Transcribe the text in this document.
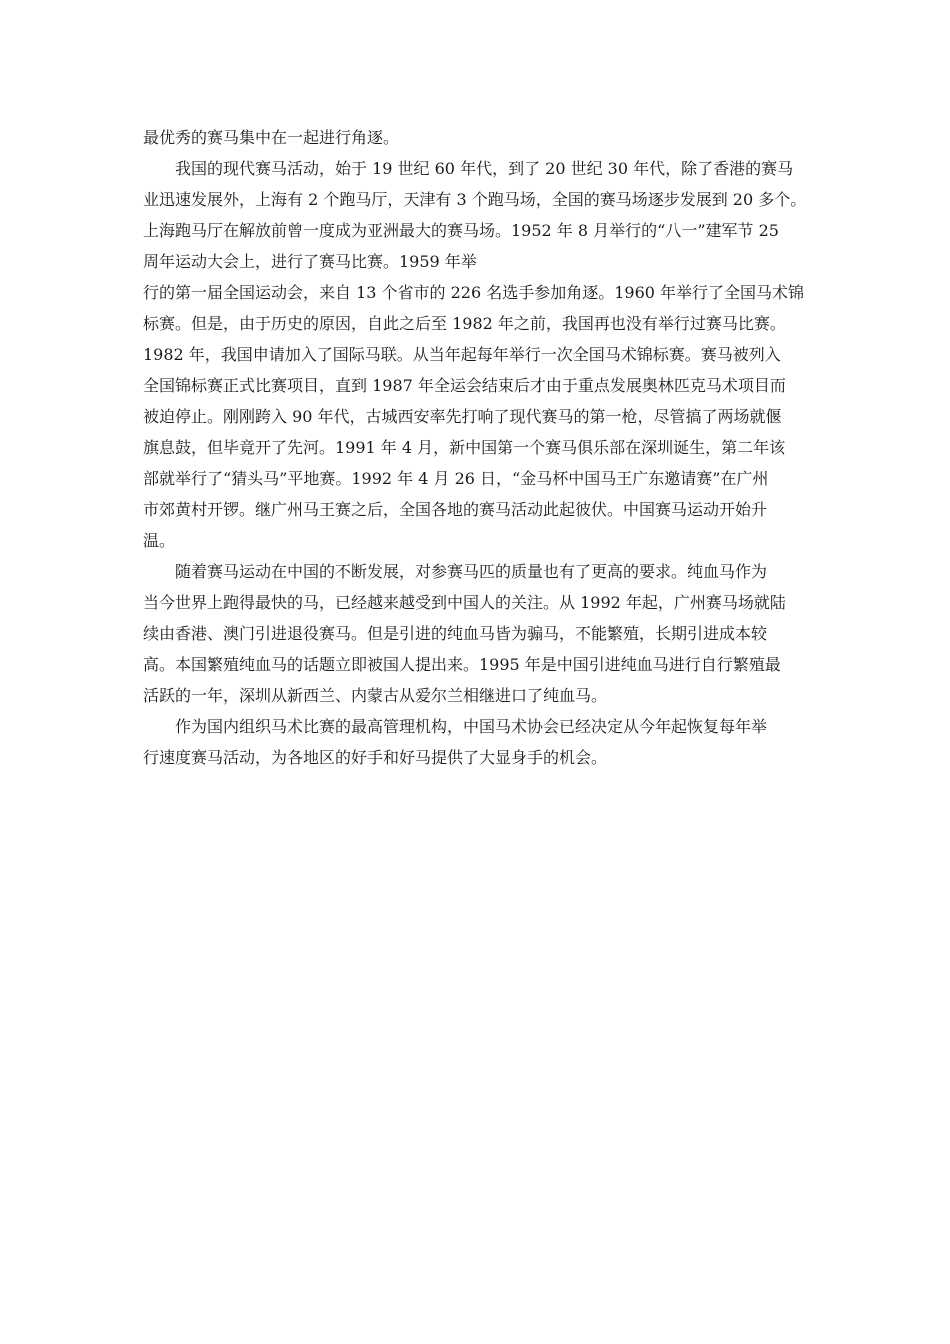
最优秀的赛马集中在一起进行角逐。
我国的现代赛马活动，始于 19 世纪 60 年代，到了 20 世纪 30 年代，除了香港的赛马
业迅速发展外，上海有 2 个跑马厅，天津有 3 个跑马场，全国的赛马场逐步发展到 20 多个。
上海跑马厅在解放前曾一度成为亚洲最大的赛马场。1952 年 8 月举行的“八一”建军节 25
周年运动大会上，进行了赛马比赛。1959 年举
行的第一届全国运动会，来自 13 个省市的 226 名选手参加角逐。1960 年举行了全国马术锦
标赛。但是，由于历史的原因，自此之后至 1982 年之前，我国再也没有举行过赛马比赛。
1982 年，我国申请加入了国际马联。从当年起每年举行一次全国马术锦标赛。赛马被列入
全国锦标赛正式比赛项目，直到 1987 年全运会结束后才由于重点发展奥林匹克马术项目而
被迫停止。刚刚跨入 90 年代，古城西安率先打响了现代赛马的第一枪，尽管搞了两场就偃
旗息鼓，但毕竟开了先河。1991 年 4 月，新中国第一个赛马俱乐部在深圳诞生，第二年该
部就举行了“猜头马”平地赛。1992 年 4 月 26 日，“金马杯中国马王广东邀请赛”在广州
市郊黄村开锣。继广州马王赛之后，全国各地的赛马活动此起彼伏。中国赛马运动开始升
温。
随着赛马运动在中国的不断发展，对参赛马匹的质量也有了更高的要求。纯血马作为
当今世界上跑得最快的马，已经越来越受到中国人的关注。从 1992 年起，广州赛马场就陆
续由香港、澳门引进退役赛马。但是引进的纯血马皆为骟马，不能繁殖，长期引进成本较
高。本国繁殖纯血马的话题立即被国人提出来。1995 年是中国引进纯血马进行自行繁殖最
活跃的一年，深圳从新西兰、内蒙古从爱尔兰相继进口了纯血马。
作为国内组织马术比赛的最高管理机构，中国马术协会已经决定从今年起恢复每年举
行速度赛马活动，为各地区的好手和好马提供了大显身手的机会。
